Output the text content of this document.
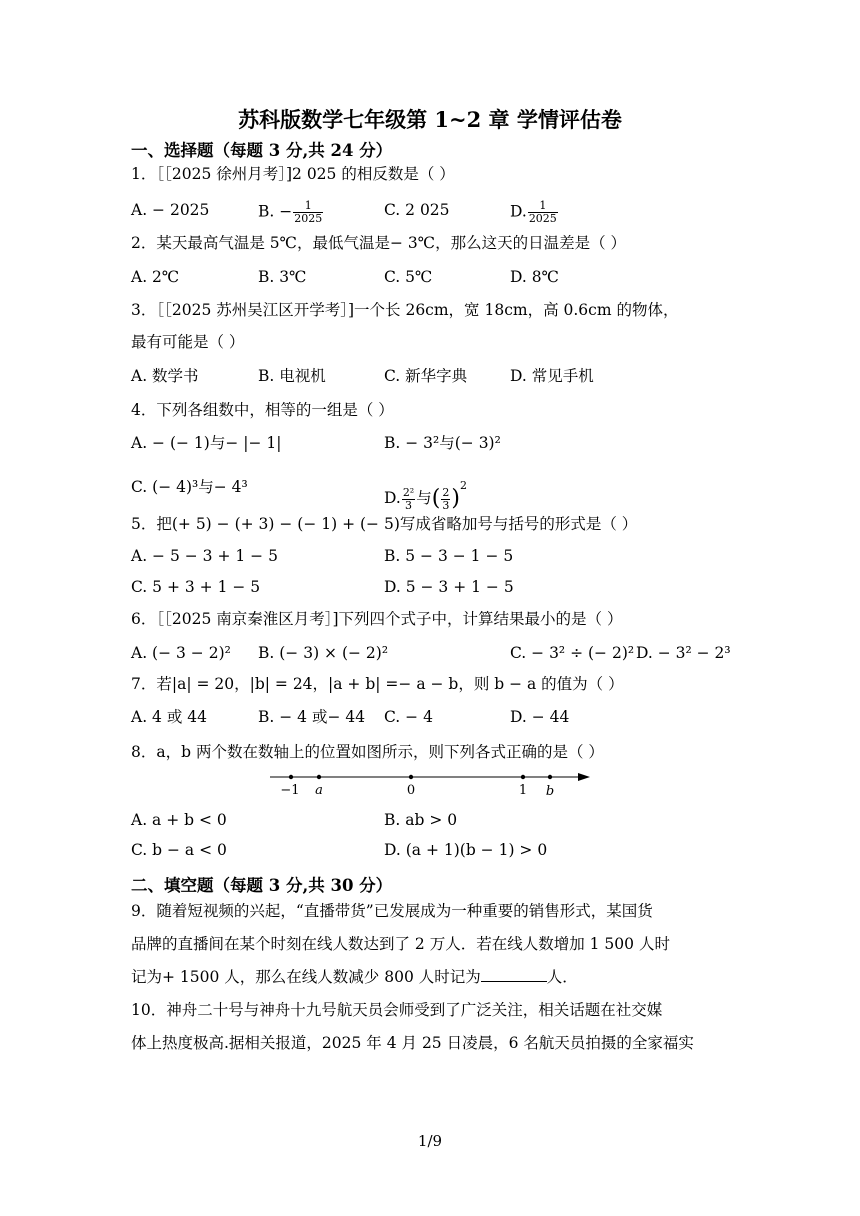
苏科版数学七年级第 1~2 章 学情评估卷
一、选择题（每题 3 分,共 24 分）
1．［［2025 徐州月考］]2 025 的相反数是（ ）
A. − 2025	B. − $\frac{1}{2025}$	C. 2 025	D. $\frac{1}{2025}$
2．某天最高气温是 5℃，最低气温是− 3℃，那么这天的日温差是（ ）
A. 2℃	B. 3℃	C. 5℃	D. 8℃
3．［［2025 苏州吴江区开学考］]一个长 26cm，宽 18cm，高 0.6cm 的物体，
最有可能是（ ）
A. 数学书	B. 电视机	C. 新华字典	D. 常见手机
4．下列各组数中，相等的一组是（ ）
A. − (− 1)与− |− 1|	B. − 3²与(− 3)²
C. (− 4)³与− 4³
D. $\frac{\text{2²}}{3}$ 与( $\frac{2}{3} )^2$
5．把(+ 5) − (+ 3) − (− 1) + (− 5)写成省略加号与括号的形式是（ ）
A. − 5 − 3 + 1 − 5	B. 5 − 3 − 1 − 5
C. 5 + 3 + 1 − 5	D. 5 − 3 + 1 − 5
6．［［2025 南京秦淮区月考］]下列四个式子中，计算结果最小的是（ ）
A. (− 3 − 2)² B. (− 3) × (− 2)²	C. − 3² ÷ (− 2)² D. − 3² − 2³
7．若|a| = 20，|b| = 24，|a + b| =− a − b，则 b − a 的值为（ ）
A. 4 或 44	B. − 4 或− 44 C. − 4	D. − 44
8．a，b 两个数在数轴上的位置如图所示，则下列各式正确的是（ ）
−1 a	0	1 b
A. a + b < 0	B. ab > 0
C. b − a < 0	D. (a + 1)(b − 1) > 0
二、填空题（每题 3 分,共 30 分）
9．随着短视频的兴起，“直播带货”已发展成为一种重要的销售形式，某国货
品牌的直播间在某个时刻在线人数达到了 2 万人．若在线人数增加 1 500 人时
记为+ 1500 人，那么在线人数减少 800 人时记为	人．
10．神舟二十号与神舟十九号航天员会师受到了广泛关注，相关话题在社交媒
体上热度极高.据相关报道，2025 年 4 月 25 日凌晨，6 名航天员拍摄的全家福实
1/9
